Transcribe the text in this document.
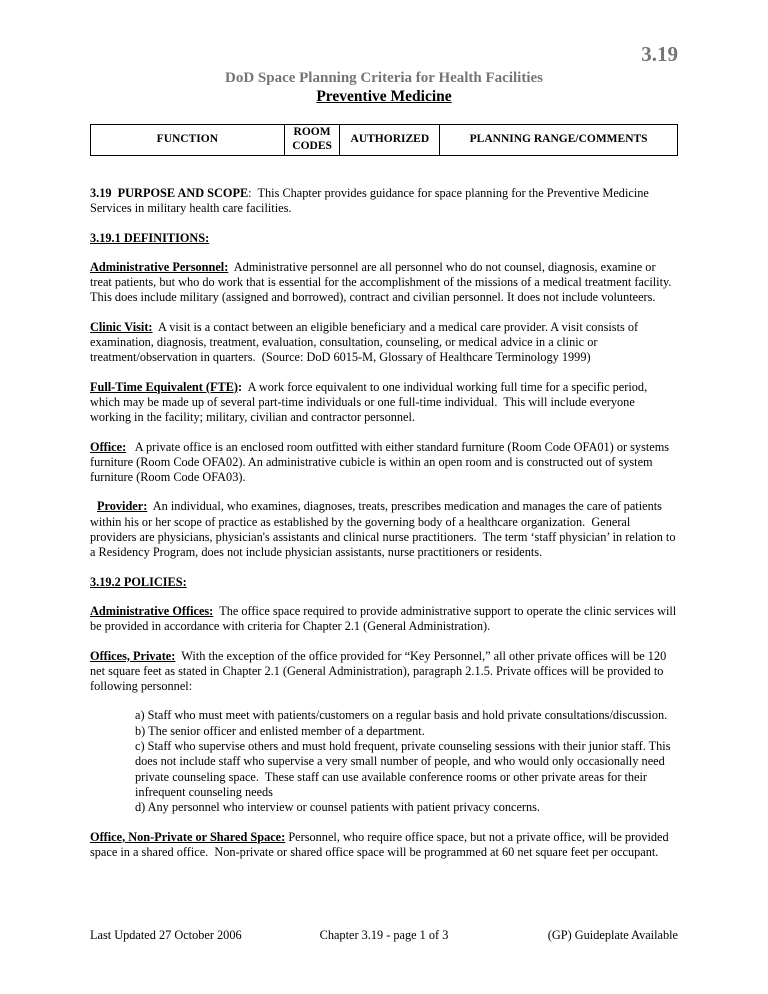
3.19
DoD Space Planning Criteria for Health Facilities
Preventive Medicine
FUNCTION	ROOM CODES	AUTHORIZED	PLANNING RANGE/COMMENTS

3.19  PURPOSE AND SCOPE:  This Chapter provides guidance for space planning for the Preventive Medicine Services in military health care facilities.

3.19.1 DEFINITIONS:

Administrative Personnel:  Administrative personnel are all personnel who do not counsel, diagnosis, examine or treat patients, but who do work that is essential for the accomplishment of the missions of a medical treatment facility. This does include military (assigned and borrowed), contract and civilian personnel. It does not include volunteers.

Clinic Visit:  A visit is a contact between an eligible beneficiary and a medical care provider. A visit consists of examination, diagnosis, treatment, evaluation, consultation, counseling, or medical advice in a clinic or treatment/observation in quarters.  (Source: DoD 6015-M, Glossary of Healthcare Terminology 1999)

Full-Time Equivalent (FTE):  A work force equivalent to one individual working full time for a specific period, which may be made up of several part-time individuals or one full-time individual.  This will include everyone working in the facility; military, civilian and contractor personnel.

Office:   A private office is an enclosed room outfitted with either standard furniture (Room Code OFA01) or systems furniture (Room Code OFA02). An administrative cubicle is within an open room and is constructed out of system furniture (Room Code OFA03).

Provider:  An individual, who examines, diagnoses, treats, prescribes medication and manages the care of patients within his or her scope of practice as established by the governing body of a healthcare organization.  General providers are physicians, physician's assistants and clinical nurse practitioners.  The term ‘staff physician’ in relation to a Residency Program, does not include physician assistants, nurse practitioners or residents.

3.19.2 POLICIES:

Administrative Offices:  The office space required to provide administrative support to operate the clinic services will be provided in accordance with criteria for Chapter 2.1 (General Administration).

Offices, Private:  With the exception of the office provided for “Key Personnel,” all other private offices will be 120 net square feet as stated in Chapter 2.1 (General Administration), paragraph 2.1.5. Private offices will be provided to following personnel:

a) Staff who must meet with patients/customers on a regular basis and hold private consultations/discussion.
b) The senior officer and enlisted member of a department.
c) Staff who supervise others and must hold frequent, private counseling sessions with their junior staff. This does not include staff who supervise a very small number of people, and who would only occasionally need private counseling space.  These staff can use available conference rooms or other private areas for their infrequent counseling needs
d) Any personnel who interview or counsel patients with patient privacy concerns.

Office, Non-Private or Shared Space: Personnel, who require office space, but not a private office, will be provided space in a shared office.  Non-private or shared office space will be programmed at 60 net square feet per occupant.

Last Updated 27 October 2006	Chapter 3.19 - page 1 of 3	(GP) Guideplate Available
